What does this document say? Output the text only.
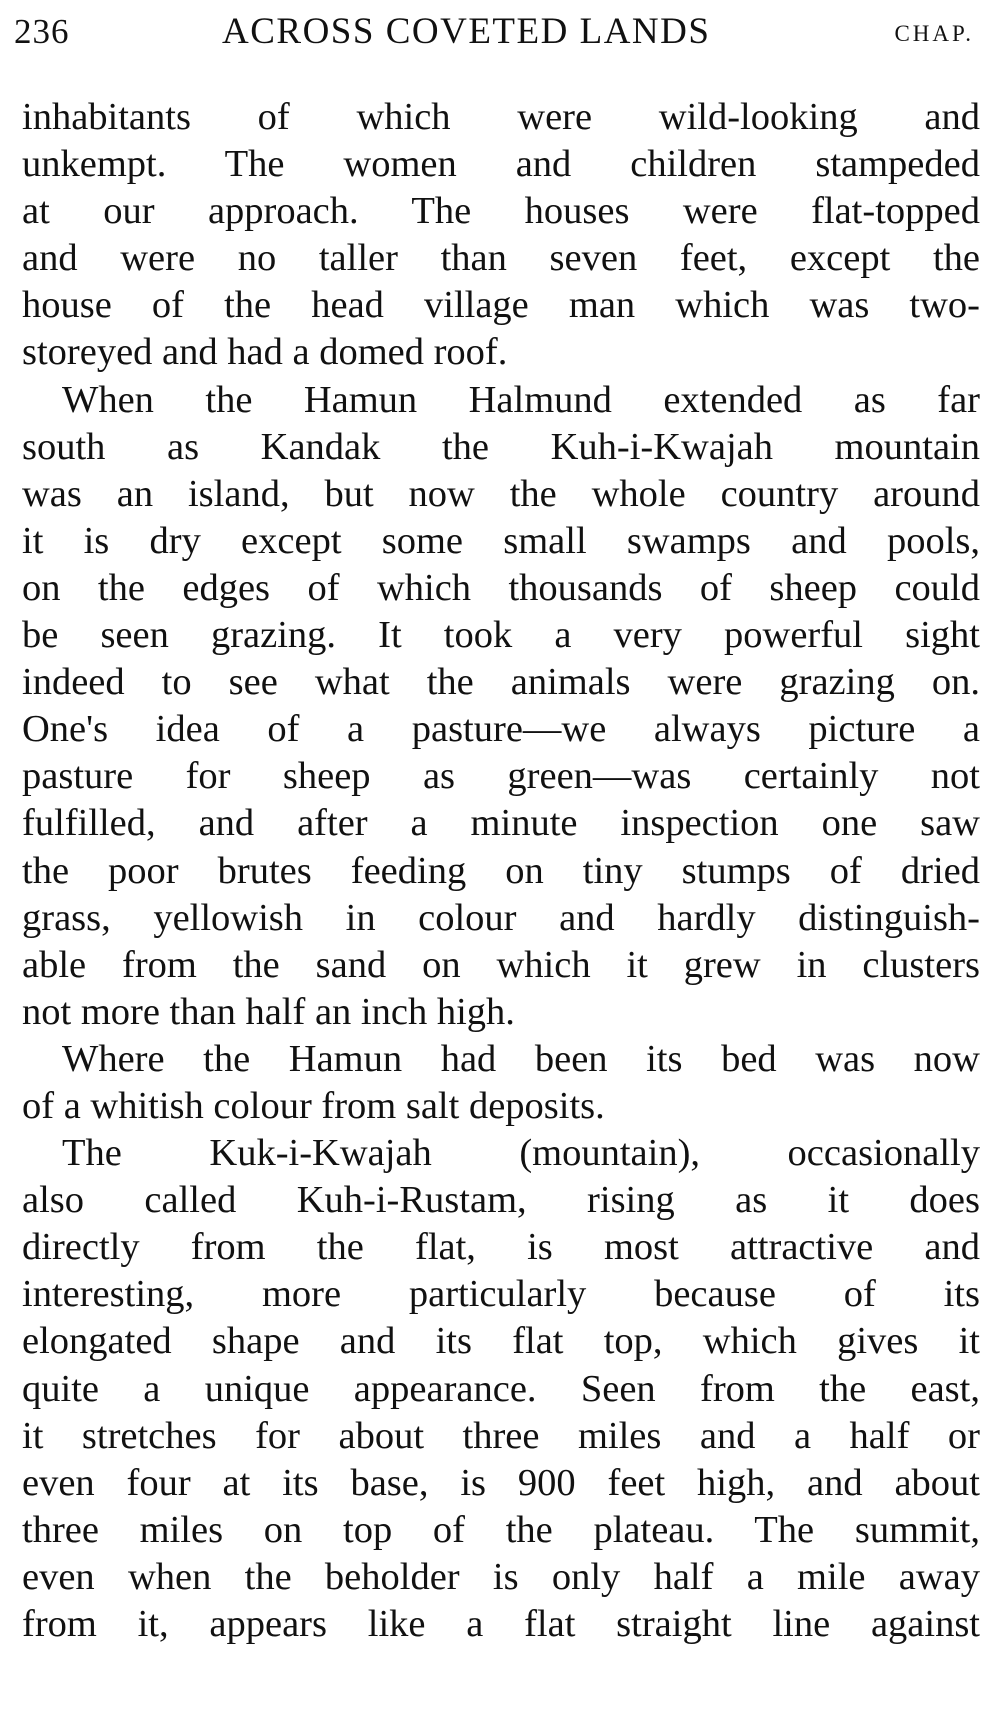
236	ACROSS COVETED LANDS	CHAP.
inhabitants of which were wild-looking and
unkempt. The women and children stampeded
at our approach. The houses were flat-topped
and were no taller than seven feet, except the
house of the head village man which was two-
storeyed and had a domed roof.
When the Hamun Halmund extended as far
south as Kandak the Kuh-i-Kwajah mountain
was an island, but now the whole country around
it is dry except some small swamps and pools,
on the edges of which thousands of sheep could
be seen grazing. It took a very powerful sight
indeed to see what the animals were grazing on.
One's idea of a pasture—we always picture a
pasture for sheep as green—was certainly not
fulfilled, and after a minute inspection one saw
the poor brutes feeding on tiny stumps of dried
grass, yellowish in colour and hardly distinguish-
able from the sand on which it grew in clusters
not more than half an inch high.
Where the Hamun had been its bed was now
of a whitish colour from salt deposits.
The Kuk-i-Kwajah (mountain), occasionally
also called Kuh-i-Rustam, rising as it does
directly from the flat, is most attractive and
interesting, more particularly because of its
elongated shape and its flat top, which gives it
quite a unique appearance. Seen from the east,
it stretches for about three miles and a half or
even four at its base, is 900 feet high, and about
three miles on top of the plateau. The summit,
even when the beholder is only half a mile away
from it, appears like a flat straight line against
